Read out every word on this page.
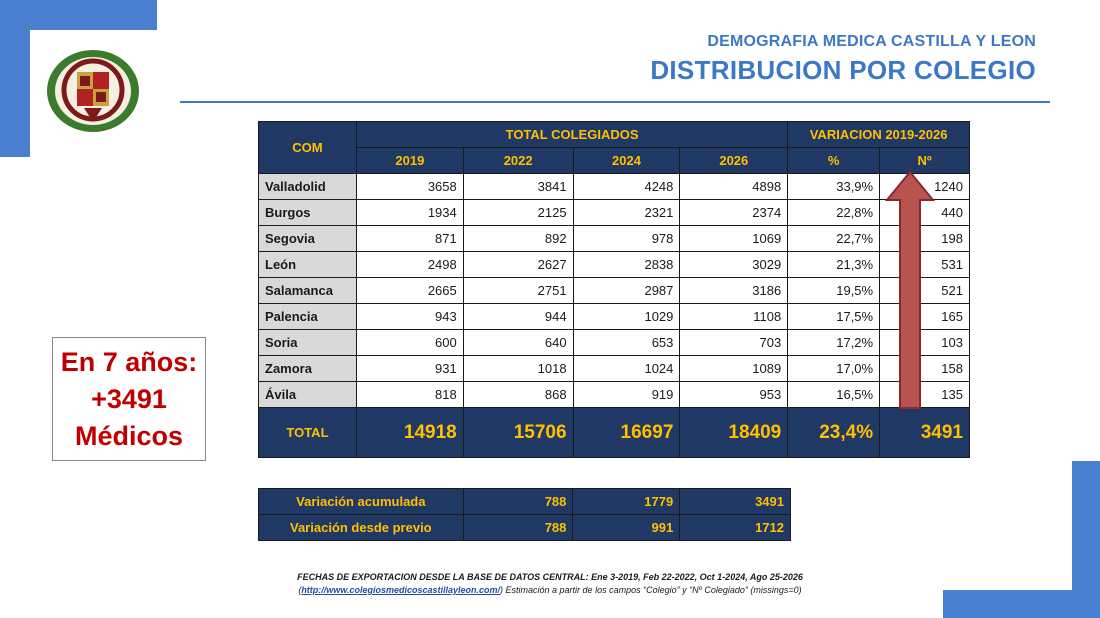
DEMOGRAFIA MEDICA CASTILLA Y LEON
DISTRIBUCION POR COLEGIO
COM	TOTAL COLEGIADOS				VARIACION 2019-2026	
	2019	2022	2024	2026	%	Nº
Valladolid	3658	3841	4248	4898	33,9%	1240
Burgos	1934	2125	2321	2374	22,8%	440
Segovia	871	892	978	1069	22,7%	198
León	2498	2627	2838	3029	21,3%	531
Salamanca	2665	2751	2987	3186	19,5%	521
Palencia	943	944	1029	1108	17,5%	165
Soria	600	640	653	703	17,2%	103
Zamora	931	1018	1024	1089	17,0%	158
Ávila	818	868	919	953	16,5%	135
TOTAL	14918	15706	16697	18409	23,4%	3491
Variación acumulada	788	1779	3491
Variación desde previo	788	991	1712
En 7 años:
+3491
Médicos
FECHAS DE EXPORTACION DESDE LA BASE DE DATOS CENTRAL: Ene 3-2019, Feb 22-2022, Oct 1-2024, Ago 25-2026
(http://www.colegiosmedicoscastillayleon.com/) Estimación a partir de los campos “Colegio” y “Nº Colegiado” (missings=0)
